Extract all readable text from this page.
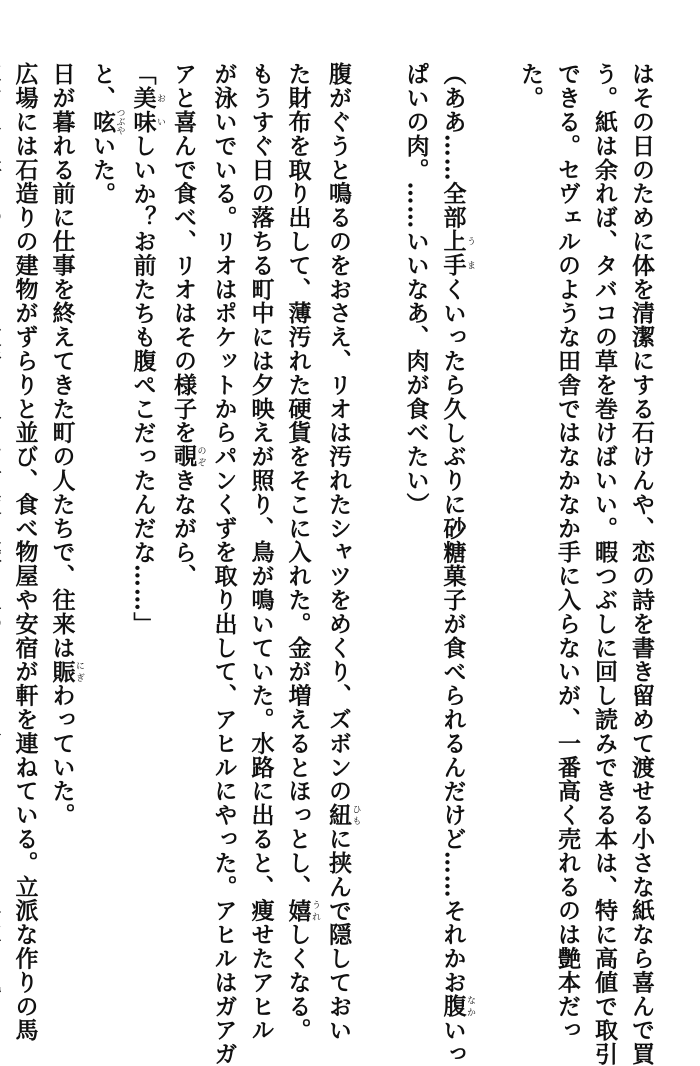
はその日のために体を清潔にする石けんや、恋の詩を書き留めて渡せる小さな紙なら喜んで買
う。紙は余れば、タバコの草を巻けばいい。暇つぶしに回し読みできる本は、特に高値で取引
できる。セヴェルのような田舎ではなかなか手に入らないが、一番高く売れるのは艶本だっ
た。
（ああ……全部上手うまくいったら久しぶりに砂糖菓子が食べられるんだけど……それかお腹なかいっ
ぱいの肉。……いいなあ、肉が食べたい）
腹がぐうと鳴るのをおさえ、リオは汚れたシャツをめくり、ズボンの紐ひもに挟んで隠しておい
た財布を取り出して、薄汚れた硬貨をそこに入れた。金が増えるとほっとし、嬉うれしくなる。
もうすぐ日の落ちる町中には夕映えが照り、鳥が鳴いていた。水路に出ると、痩せたアヒル
が泳いでいる。リオはポケットからパンくずを取り出して、アヒルにやった。アヒルはガアガ
アと喜んで食べ、リオはその様子を覗のぞきながら、
「美味おいしいか？お前たちも腹ぺこだったんだな……」
と、呟つぶやいた。
日が暮れる前に仕事を終えてきた町の人たちで、往来は賑にぎわっていた。
広場には石造りの建物がずらりと並び、食べ物屋や安宿が軒を連ねている。立派な作りの馬
